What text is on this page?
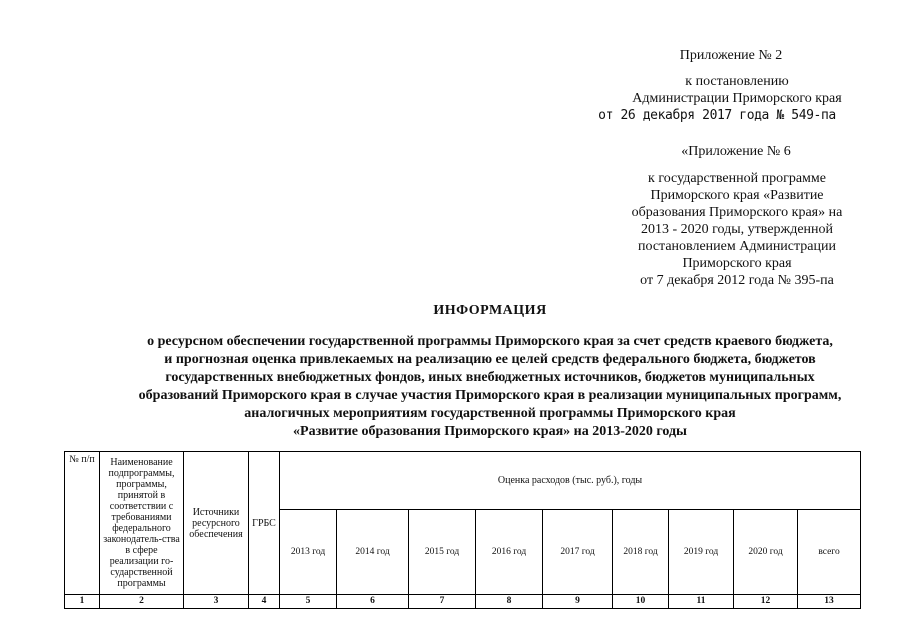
Приложение № 2
к постановлению
Администрации Приморского края
от 26 декабря 2017 года № 549-па
«Приложение № 6
к государственной программе
Приморского края «Развитие
образования Приморского края» на
2013 - 2020 годы, утвержденной
постановлением Администрации
Приморского края
от 7 декабря 2012 года № 395-па
ИНФОРМАЦИЯ
о ресурсном обеспечении государственной программы Приморского края за счет средств краевого бюджета,
и прогнозная оценка привлекаемых на реализацию ее целей средств федерального бюджета, бюджетов
государственных внебюджетных фондов, иных внебюджетных источников, бюджетов муниципальных
образований Приморского края в случае участия Приморского края в реализации муниципальных программ,
аналогичных мероприятиям государственной программы Приморского края
«Развитие образования Приморского края» на 2013-2020 годы
№ п/п	Наименование подпрограммы, программы, принятой в соответствии с требованиями федерального законодатель-ства в сфере реализации го-сударственной программы	Источники ресурсного обеспечения	ГРБС	Оценка расходов (тыс. руб.), годы								
				2013 год	2014 год	2015 год	2016 год	2017 год	2018 год	2019 год	2020 год	всего
1	2	3	4	5	6	7	8	9	10	11	12	13
